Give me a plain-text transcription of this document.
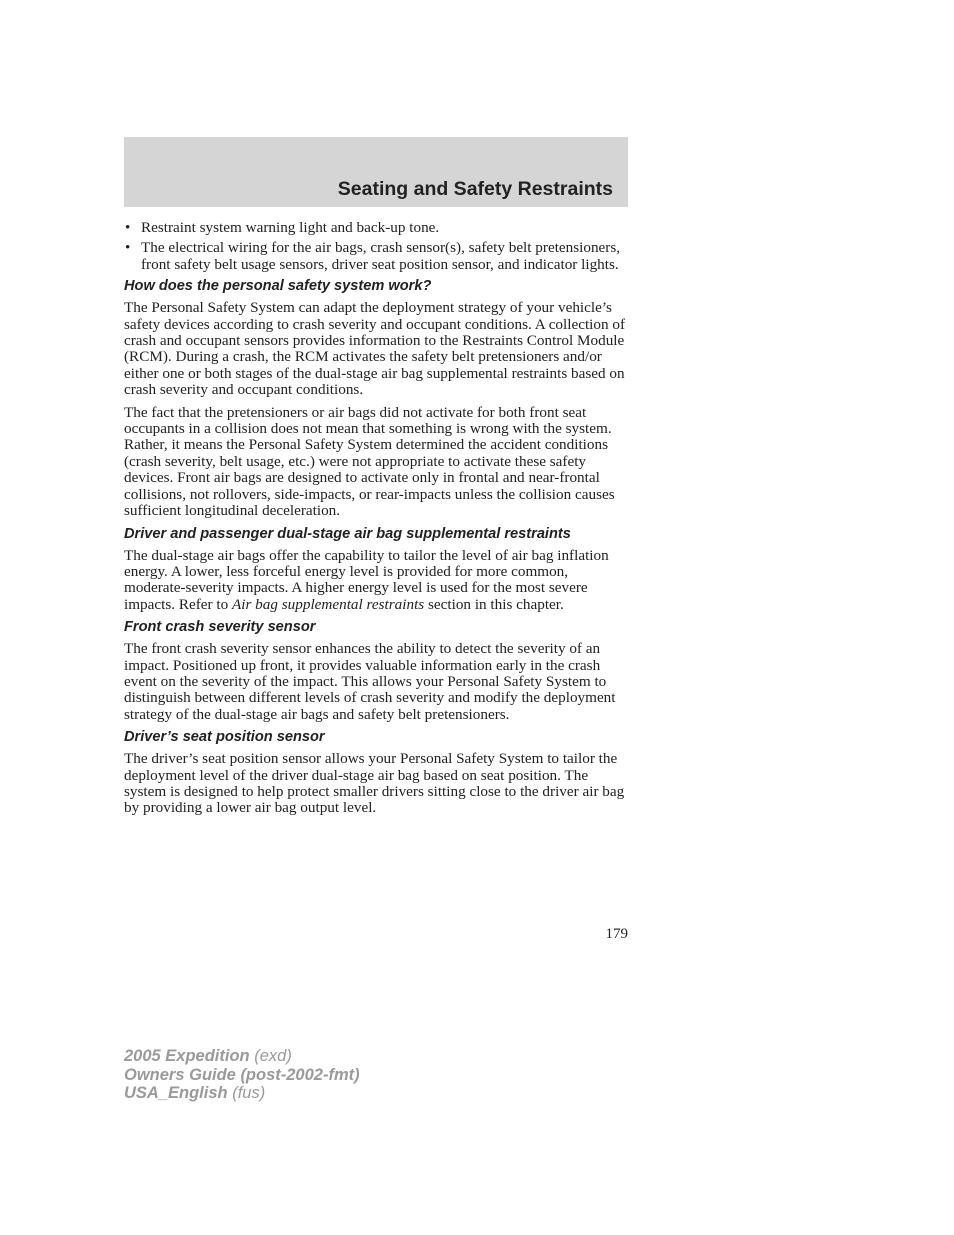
Seating and Safety Restraints
• Restraint system warning light and back-up tone.
• The electrical wiring for the air bags, crash sensor(s), safety belt pretensioners, front safety belt usage sensors, driver seat position sensor, and indicator lights.
How does the personal safety system work?

The Personal Safety System can adapt the deployment strategy of your vehicle’s safety devices according to crash severity and occupant conditions. A collection of crash and occupant sensors provides information to the Restraints Control Module (RCM). During a crash, the RCM activates the safety belt pretensioners and/or either one or both stages of the dual-stage air bag supplemental restraints based on crash severity and occupant conditions.

The fact that the pretensioners or air bags did not activate for both front seat occupants in a collision does not mean that something is wrong with the system. Rather, it means the Personal Safety System determined the accident conditions (crash severity, belt usage, etc.) were not appropriate to activate these safety devices. Front air bags are designed to activate only in frontal and near-frontal collisions, not rollovers, side-impacts, or rear-impacts unless the collision causes sufficient longitudinal deceleration.

Driver and passenger dual-stage air bag supplemental restraints

The dual-stage air bags offer the capability to tailor the level of air bag inflation energy. A lower, less forceful energy level is provided for more common, moderate-severity impacts. A higher energy level is used for the most severe impacts. Refer to Air bag supplemental restraints section in this chapter.

Front crash severity sensor

The front crash severity sensor enhances the ability to detect the severity of an impact. Positioned up front, it provides valuable information early in the crash event on the severity of the impact. This allows your Personal Safety System to distinguish between different levels of crash severity and modify the deployment strategy of the dual-stage air bags and safety belt pretensioners.

Driver’s seat position sensor

The driver’s seat position sensor allows your Personal Safety System to tailor the deployment level of the driver dual-stage air bag based on seat position. The system is designed to help protect smaller drivers sitting close to the driver air bag by providing a lower air bag output level.

179
2005 Expedition (exd)
Owners Guide (post-2002-fmt)
USA_English (fus)
